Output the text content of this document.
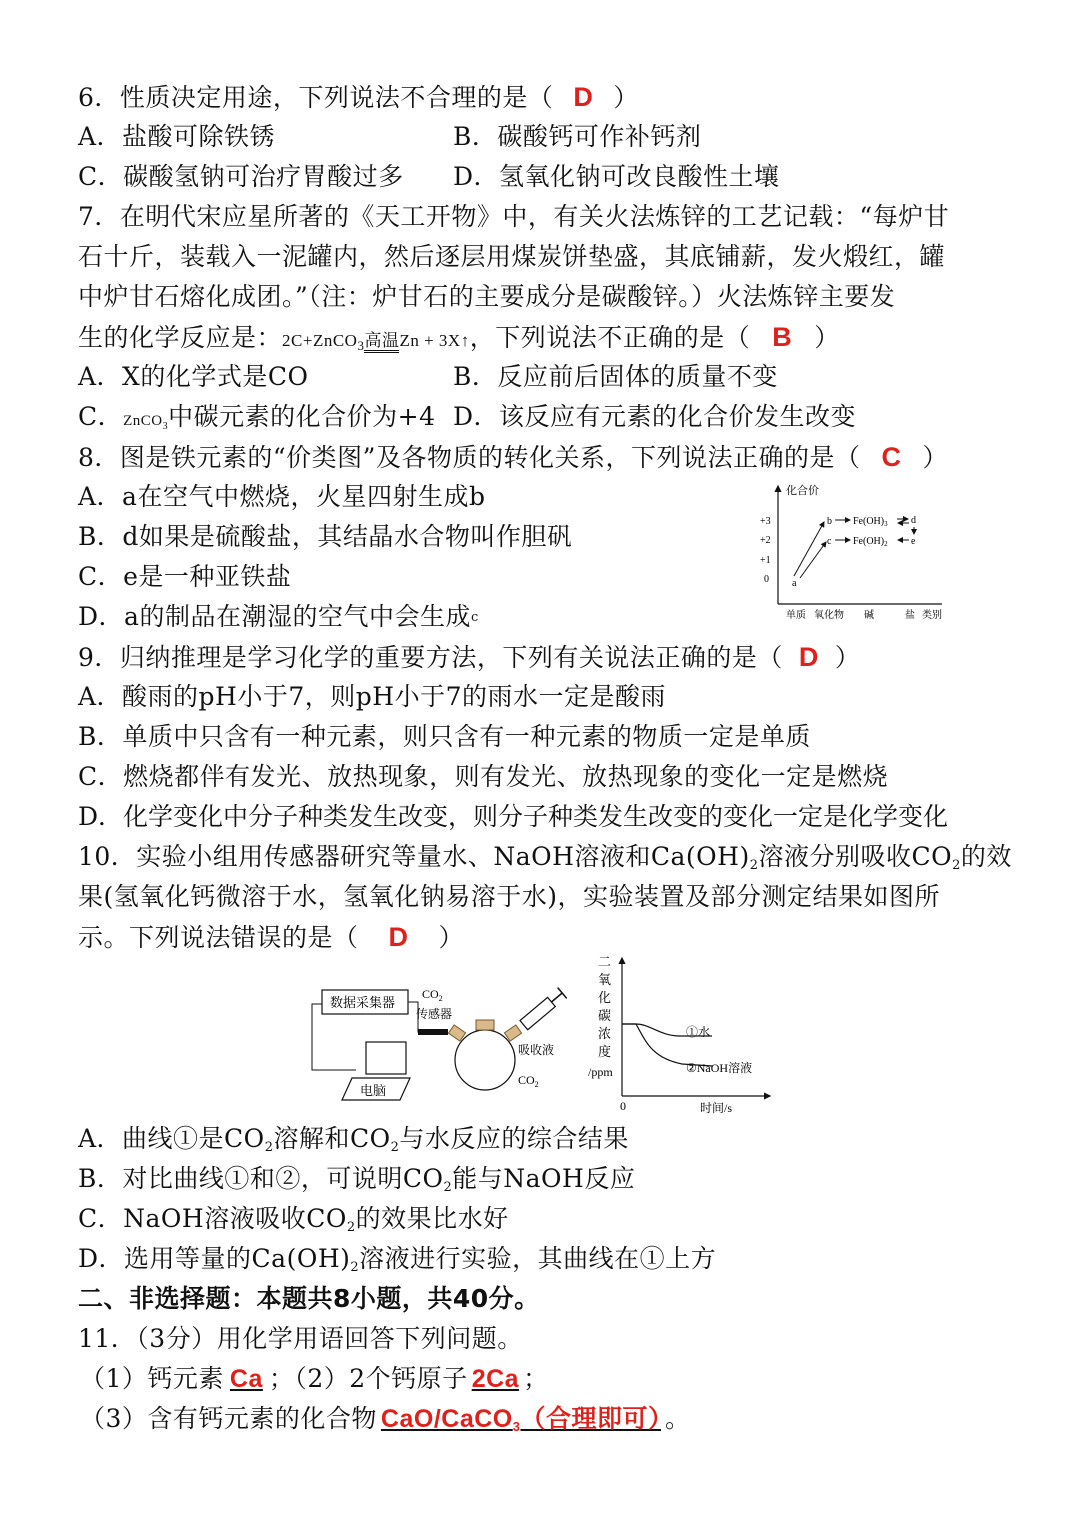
6．性质决定用途，下列说法不合理的是（ D ）
A．盐酸可除铁锈	B．碳酸钙可作补钙剂
C．碳酸氢钠可治疗胃酸过多 D．氢氧化钠可改良酸性土壤
7．在明代宋应星所著的《天工开物》中，有关火法炼锌的工艺记载：“每炉甘
石十斤，装载入一泥罐内，然后逐层用煤炭饼垫盛，其底铺薪，发火煅红，罐
中炉甘石熔化成团。”（注：炉甘石的主要成分是碳酸锌。）火法炼锌主要发
生的化学反应是：2C+ZnCO$_3$高温Zn + 3X↑，下列说法不正确的是（ B ）
A．X的化学式是CO	B．反应前后固体的质量不变
C．ZnCO$_3$中碳元素的化合价为+4 D．该反应有元素的化合价发生改变
8．图是铁元素的“价类图”及各物质的转化关系，下列说法正确的是（ C ）
A．a在空气中燃烧，火星四射生成b
B．d如果是硫酸盐，其结晶水合物叫作胆矾
C．e是一种亚铁盐
D．a的制品在潮湿的空气中会生成c
化合价
+3
+2
+1
0
单质 氧化物 碱	盐 类别
a
b
c
$Fe(OH)_3$
$Fe(OH)_2$
d
e
9．归纳推理是学习化学的重要方法，下列有关说法正确的是（ D ）
A．酸雨的pH小于7，则pH小于7的雨水一定是酸雨
B．单质中只含有一种元素，则只含有一种元素的物质一定是单质
C．燃烧都伴有发光、放热现象，则有发光、放热现象的变化一定是燃烧
D．化学变化中分子种类发生改变，则分子种类发生改变的变化一定是化学变化
10．实验小组用传感器研究等量水、NaOH溶液和$Ca(OH)_2$溶液分别吸收$CO_2$的效
果(氢氧化钙微溶于水，氢氧化钠易溶于水)，实验装置及部分测定结果如图所
示。下列说法错误的是（ D ）
数据采集器
电脑
$CO_2$
传感器
吸收液
$CO_2$
二
氧
化
碳
浓
度
/ppm
0	时间/s
①水
②NaOH溶液
A．曲线①是$CO_2$溶解和$CO_2$与水反应的综合结果
B．对比曲线①和②，可说明$CO_2$能与NaOH反应
C．NaOH溶液吸收$CO_2$的效果比水好
D．选用等量的$Ca(OH)_2$溶液进行实验，其曲线在①上方
二、非选择题：本题共8小题，共40分。
11．（3分）用化学用语回答下列问题。
（1）钙元素 Ca ；（2）2个钙原子 2Ca ；
（3）含有钙元素的化合物 CaO/CaCO$_3$（合理即可） 。
